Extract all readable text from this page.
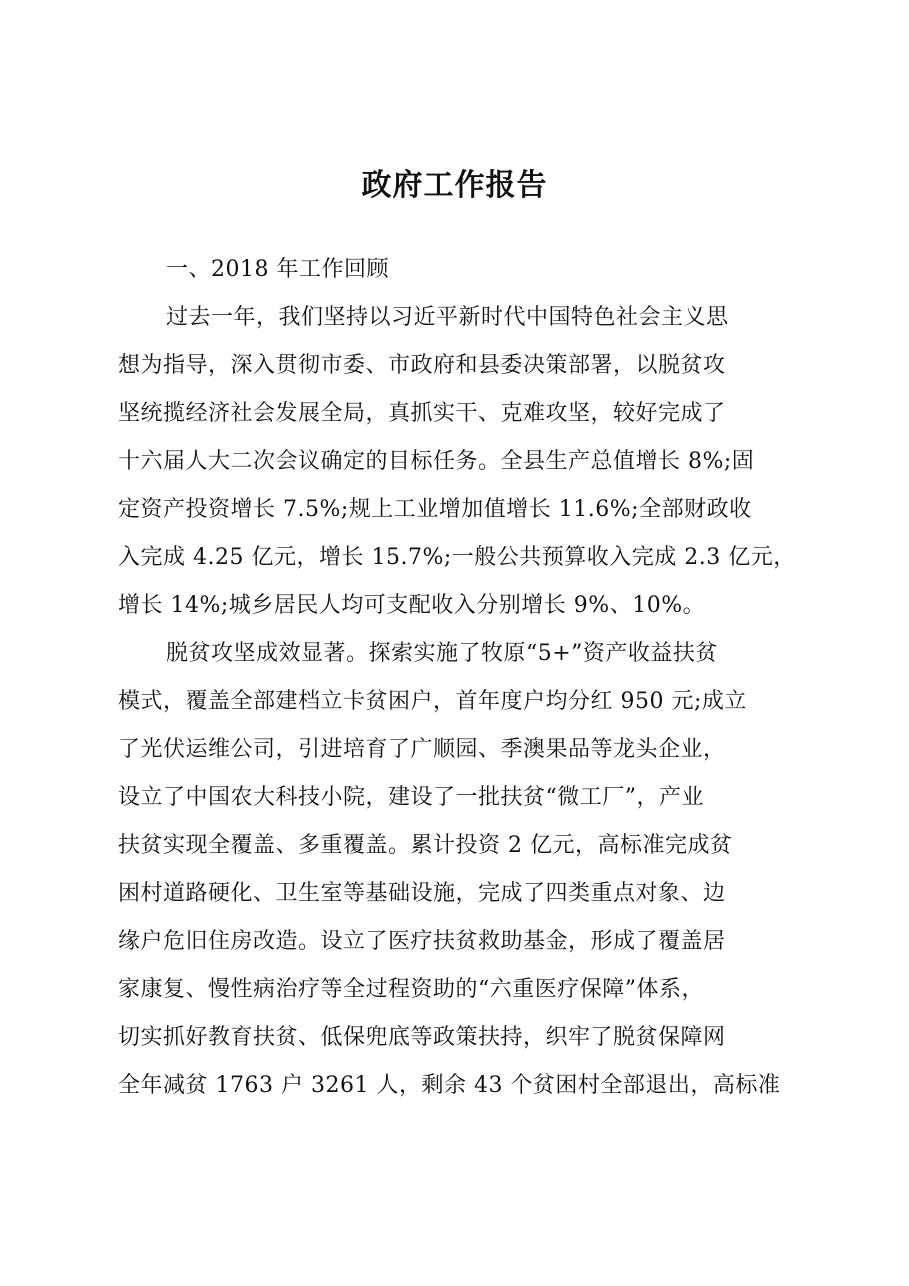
政府工作报告
一、2018 年工作回顾
过去一年，我们坚持以习近平新时代中国特色社会主义思
想为指导，深入贯彻市委、市政府和县委决策部署，以脱贫攻
坚统揽经济社会发展全局，真抓实干、克难攻坚，较好完成了
十六届人大二次会议确定的目标任务。全县生产总值增长 8%;固
定资产投资增长 7.5%;规上工业增加值增长 11.6%;全部财政收
入完成 4.25 亿元，增长 15.7%;一般公共预算收入完成 2.3 亿元，
增长 14%;城乡居民人均可支配收入分别增长 9%、10%。
脱贫攻坚成效显著。探索实施了牧原“5+”资产收益扶贫
模式，覆盖全部建档立卡贫困户，首年度户均分红 950 元;成立
了光伏运维公司，引进培育了广顺园、季澳果品等龙头企业，
设立了中国农大科技小院，建设了一批扶贫“微工厂”，产业
扶贫实现全覆盖、多重覆盖。累计投资 2 亿元，高标准完成贫
困村道路硬化、卫生室等基础设施，完成了四类重点对象、边
缘户危旧住房改造。设立了医疗扶贫救助基金，形成了覆盖居
家康复、慢性病治疗等全过程资助的“六重医疗保障”体系，
切实抓好教育扶贫、低保兜底等政策扶持，织牢了脱贫保障网
全年减贫 1763 户 3261 人，剩余 43 个贫困村全部退出，高标准
